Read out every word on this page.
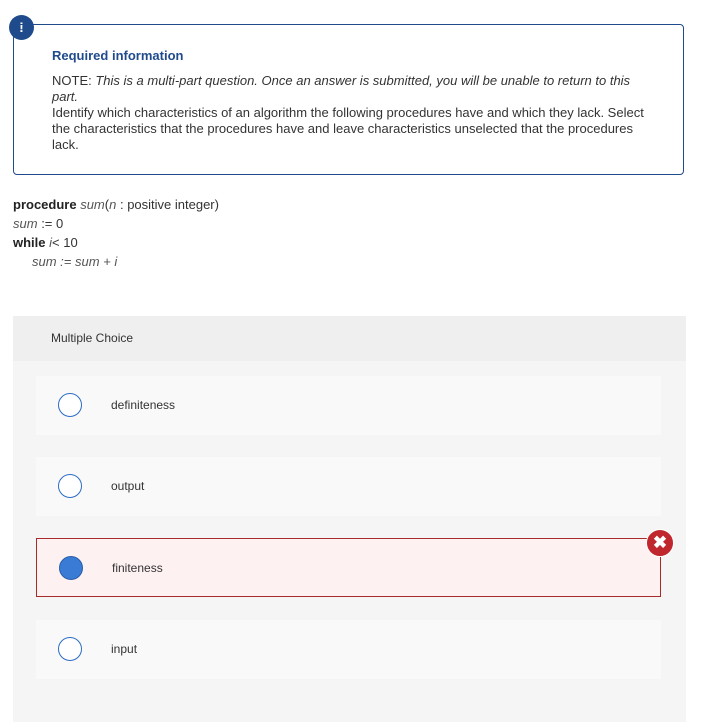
!
Required information
NOTE: This is a multi-part question. Once an answer is submitted, you will be unable to return to this part.
Identify which characteristics of an algorithm the following procedures have and which they lack. Select the characteristics that the procedures have and leave characteristics unselected that the procedures lack.
procedure sum(n : positive integer)
sum := 0
while i< 10
sum := sum + i
Multiple Choice
definiteness
output
finiteness
input
✖
